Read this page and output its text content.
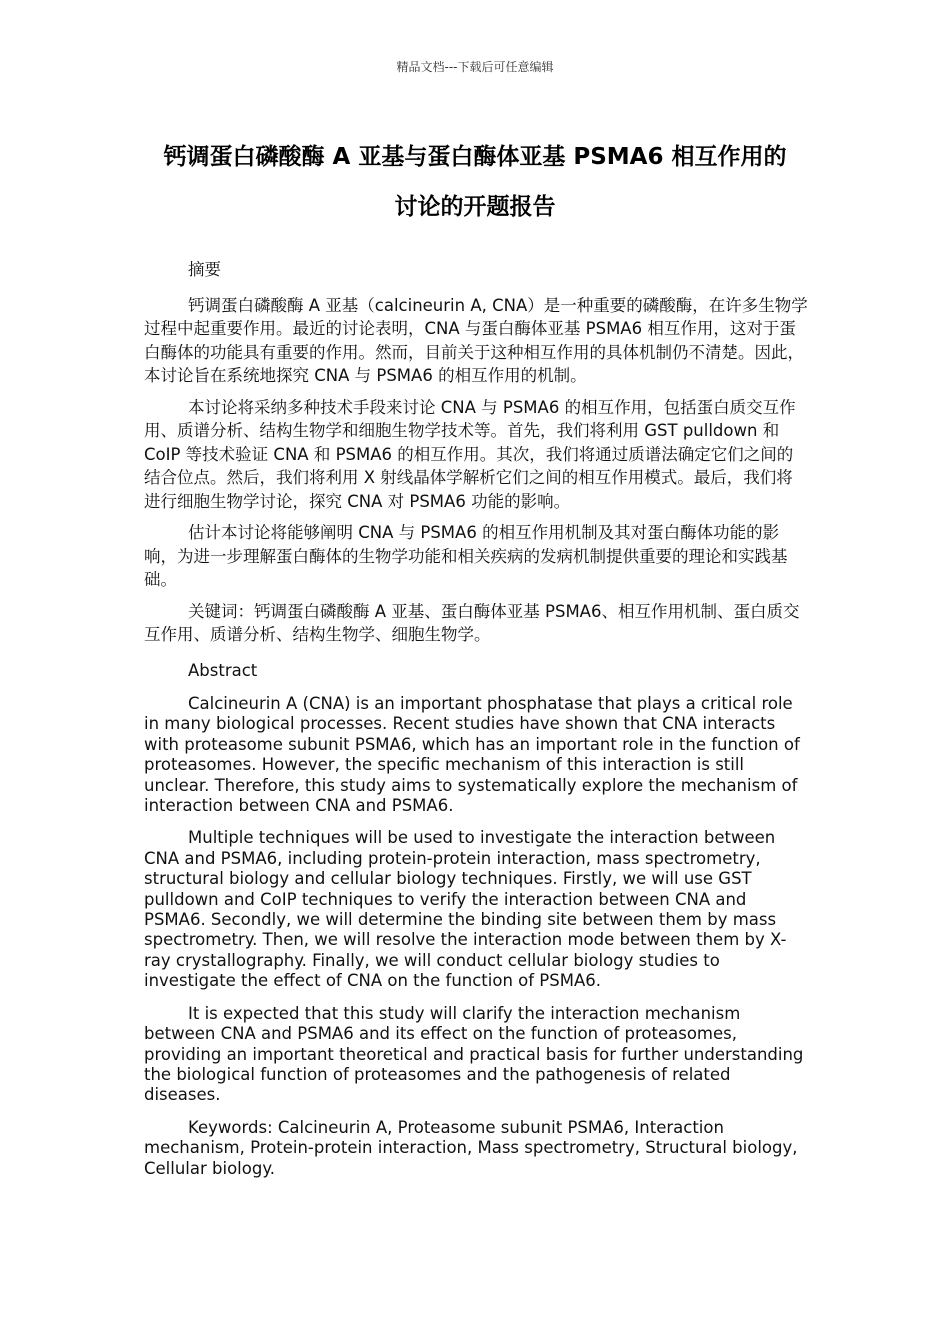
精品文档---下载后可任意编辑
钙调蛋白磷酸酶 A 亚基与蛋白酶体亚基 PSMA6 相互作用的
讨论的开题报告

摘要

钙调蛋白磷酸酶 A 亚基（calcineurin A, CNA）是一种重要的磷酸酶，在许多生物学过程中起重要作用。最近的讨论表明，CNA 与蛋白酶体亚基 PSMA6 相互作用，这对于蛋白酶体的功能具有重要的作用。然而，目前关于这种相互作用的具体机制仍不清楚。因此，本讨论旨在系统地探究 CNA 与 PSMA6 的相互作用的机制。

本讨论将采纳多种技术手段来讨论 CNA 与 PSMA6 的相互作用，包括蛋白质交互作用、质谱分析、结构生物学和细胞生物学技术等。首先，我们将利用 GST pulldown 和 CoIP 等技术验证 CNA 和 PSMA6 的相互作用。其次，我们将通过质谱法确定它们之间的结合位点。然后，我们将利用 X 射线晶体学解析它们之间的相互作用模式。最后，我们将进行细胞生物学讨论，探究 CNA 对 PSMA6 功能的影响。

估计本讨论将能够阐明 CNA 与 PSMA6 的相互作用机制及其对蛋白酶体功能的影响，为进一步理解蛋白酶体的生物学功能和相关疾病的发病机制提供重要的理论和实践基础。

关键词：钙调蛋白磷酸酶 A 亚基、蛋白酶体亚基 PSMA6、相互作用机制、蛋白质交互作用、质谱分析、结构生物学、细胞生物学。

Abstract

Calcineurin A (CNA) is an important phosphatase that plays a critical role in many biological processes. Recent studies have shown that CNA interacts with proteasome subunit PSMA6, which has an important role in the function of proteasomes. However, the specific mechanism of this interaction is still unclear. Therefore, this study aims to systematically explore the mechanism of interaction between CNA and PSMA6.

Multiple techniques will be used to investigate the interaction between CNA and PSMA6, including protein-protein interaction, mass spectrometry, structural biology and cellular biology techniques. Firstly, we will use GST pulldown and CoIP techniques to verify the interaction between CNA and PSMA6. Secondly, we will determine the binding site between them by mass spectrometry. Then, we will resolve the interaction mode between them by X-ray crystallography. Finally, we will conduct cellular biology studies to investigate the effect of CNA on the function of PSMA6.

It is expected that this study will clarify the interaction mechanism between CNA and PSMA6 and its effect on the function of proteasomes, providing an important theoretical and practical basis for further understanding the biological function of proteasomes and the pathogenesis of related diseases.

Keywords: Calcineurin A, Proteasome subunit PSMA6, Interaction mechanism, Protein-protein interaction, Mass spectrometry, Structural biology, Cellular biology.
